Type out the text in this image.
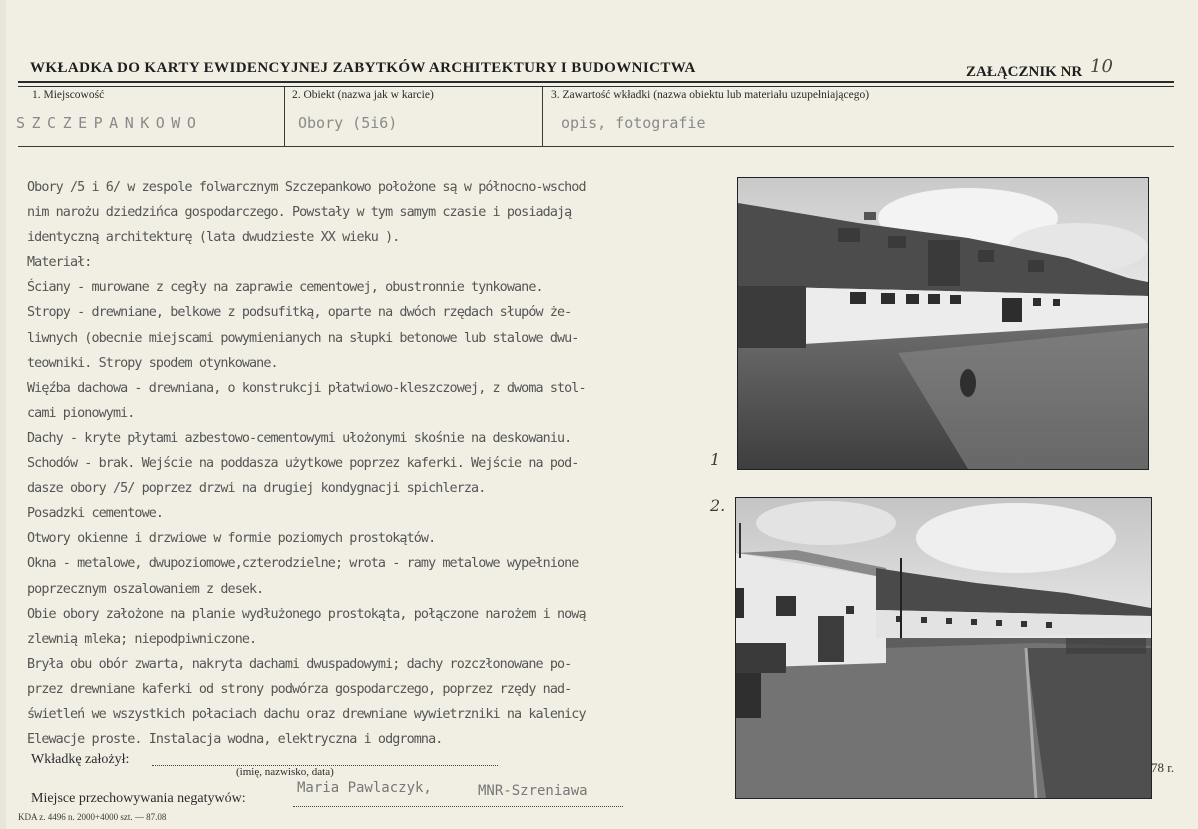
WKŁADKA DO KARTY EWIDENCYJNEJ ZABYTKÓW ARCHITEKTURY I BUDOWNICTWA	ZAŁĄCZNIK NR 10
1. Miejscowość
SZCZEPANKOWO
2. Obiekt (nazwa jak w karcie)
Obory (5i6)
3. Zawartość wkładki (nazwa obiektu lub materiału uzupełniającego)
opis, fotografie
Obory /5 i 6/ w zespole folwarcznym Szczepankowo położone są w północno-wschod
nim narożu dziedzińca gospodarczego. Powstały w tym samym czasie i posiadają
identyczną architekturę (lata dwudzieste XX wieku ).
Materiał:
Ściany - murowane z cegły na zaprawie cementowej, obustronnie tynkowane.
Stropy - drewniane, belkowe z podsufitką, oparte na dwóch rzędach słupów że-
liwnych (obecnie miejscami powymienianych na słupki betonowe lub stalowe dwu-
teowniki. Stropy spodem otynkowane.
Więźba dachowa - drewniana, o konstrukcji płatwiowo-kleszczowej, z dwoma stol-
cami pionowymi.
Dachy - kryte płytami azbestowo-cementowymi ułożonymi skośnie na deskowaniu.
Schodów - brak. Wejście na poddasza użytkowe poprzez kaferki. Wejście na pod-
dasze obory /5/ poprzez drzwi na drugiej kondygnacji spichlerza.
Posadzki cementowe.
Otwory okienne i drzwiowe w formie poziomych prostokątów.
Okna - metalowe, dwupoziomowe,czterodzielne; wrota - ramy metalowe wypełnione
poprzecznym oszalowaniem z desek.
Obie obory założone na planie wydłużonego prostokąta, połączone narożem i nową
zlewnią mleka; niepodpiwniczone.
Bryła obu obór zwarta, nakryta dachami dwuspadowymi; dachy rozczłonowane po-
przez drewniane kaferki od strony podwórza gospodarczego, poprzez rzędy nad-
świetleń we wszystkich połaciach dachu oraz drewniane wywietrzniki na kalenicy
Elewacje proste. Instalacja wodna, elektryczna i odgromna.
1
2.
78 r.
Wkładkę założył:
(imię, nazwisko, data)
Miejsce przechowywania negatywów:
Maria Pawlaczyk,	MNR-Szreniawa
KDA z. 4496 n. 2000+4000 szt. — 87.08
